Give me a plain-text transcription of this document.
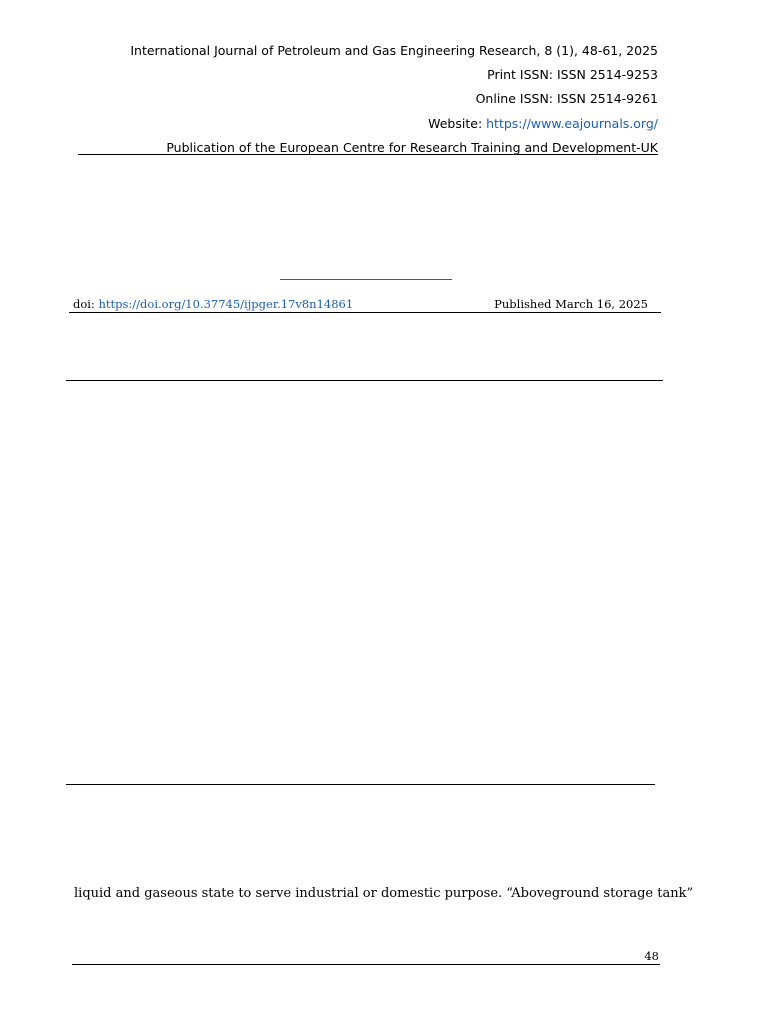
International Journal of Petroleum and Gas Engineering Research, 8 (1), 48-61, 2025
Print ISSN: ISSN 2514-9253
Online ISSN: ISSN 2514-9261
Website: https://www.eajournals.org/
Publication of the European Centre for Research Training and Development-UK
doi: https://doi.org/10.37745/ijpger.17v8n14861	Published March 16, 2025
liquid and gaseous state to serve industrial or domestic purpose. “Aboveground storage tank”
48
